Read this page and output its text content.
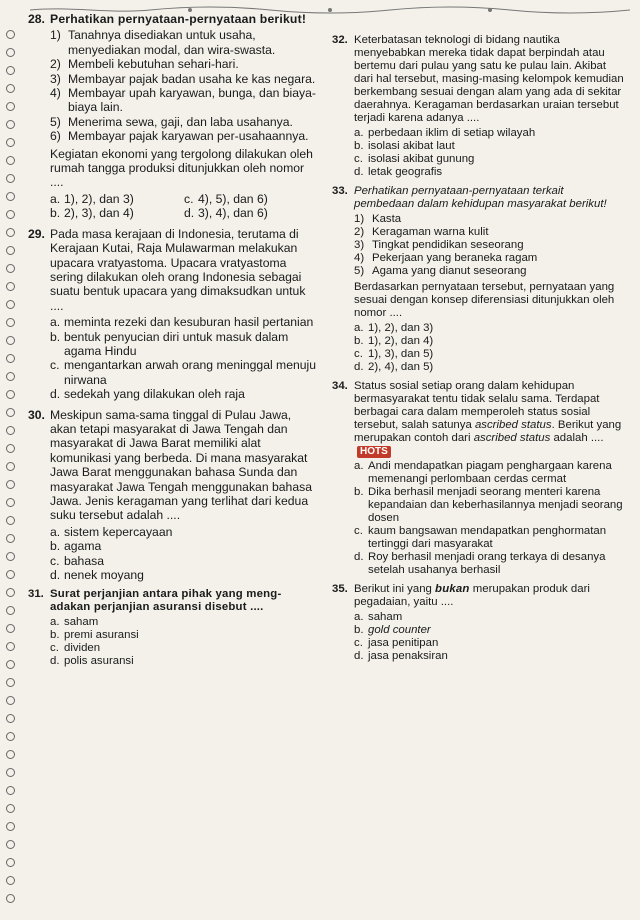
28. Perhatikan pernyataan-pernyataan berikut!
1) Tanahnya disediakan untuk usaha, menyediakan modal, dan wira-swasta.
2) Membeli kebutuhan sehari-hari.
3) Membayar pajak badan usaha ke kas negara.
4) Membayar upah karyawan, bunga, dan biaya-biaya lain.
5) Menerima sewa, gaji, dan laba usahanya.
6) Membayar pajak karyawan per-usahaannya.
Kegiatan ekonomi yang tergolong dilakukan oleh rumah tangga produksi ditunjukkan oleh nomor ....
a. 1), 2), dan 3)	c. 4), 5), dan 6)
b. 2), 3), dan 4)	d. 3), 4), dan 6)
29. Pada masa kerajaan di Indonesia, terutama di Kerajaan Kutai, Raja Mulawarman melakukan upacara vratyastoma. Upacara vratyastoma sering dilakukan oleh orang Indonesia sebagai suatu bentuk upacara yang dimaksudkan untuk ....
a. meminta rezeki dan kesuburan hasil pertanian
b. bentuk penyucian diri untuk masuk dalam agama Hindu
c. mengantarkan arwah orang meninggal menuju nirwana
d. sedekah yang dilakukan oleh raja
30. Meskipun sama-sama tinggal di Pulau Jawa, akan tetapi masyarakat di Jawa Tengah dan masyarakat di Jawa Barat memiliki alat komunikasi yang berbeda. Di mana masyarakat Jawa Barat menggunakan bahasa Sunda dan masyarakat Jawa Tengah menggunakan bahasa Jawa. Jenis keragaman yang terlihat dari kedua suku tersebut adalah ....
a. sistem kepercayaan
b. agama
c. bahasa
d. nenek moyang
31. Surat perjanjian antara pihak yang meng-adakan perjanjian asuransi disebut ....
a. saham
b. premi asuransi
c. dividen
d. polis asuransi
32. Keterbatasan teknologi di bidang nautika menyebabkan mereka tidak dapat berpindah atau bertemu dari pulau yang satu ke pulau lain. Akibat dari hal tersebut, masing-masing kelompok kemudian berkembang sesuai dengan alam yang ada di sekitar daerahnya. Keragaman berdasarkan uraian tersebut terjadi karena adanya ....
a. perbedaan iklim di setiap wilayah
b. isolasi akibat laut
c. isolasi akibat gunung
d. letak geografis
33. Perhatikan pernyataan-pernyataan terkait pembedaan dalam kehidupan masyarakat berikut!
1) Kasta
2) Keragaman warna kulit
3) Tingkat pendidikan seseorang
4) Pekerjaan yang beraneka ragam
5) Agama yang dianut seseorang
Berdasarkan pernyataan tersebut, pernyataan yang sesuai dengan konsep diferensiasi ditunjukkan oleh nomor ....
a. 1), 2), dan 3)
b. 1), 2), dan 4)
c. 1), 3), dan 5)
d. 2), 4), dan 5)
34. Status sosial setiap orang dalam kehidupan bermasyarakat tentu tidak selalu sama. Terdapat berbagai cara dalam memperoleh status sosial tersebut, salah satunya ascribed status. Berikut yang merupakan contoh dari ascribed status adalah ....HOTS
a. Andi mendapatkan piagam penghargaan karena memenangi perlombaan cerdas cermat
b. Dika berhasil menjadi seorang menteri karena kepandaian dan keberhasilannya menjadi seorang dosen
c. kaum bangsawan mendapatkan penghormatan tertinggi dari masyarakat
d. Roy berhasil menjadi orang terkaya di desanya setelah usahanya berhasil
35. Berikut ini yang bukan merupakan produk dari pegadaian, yaitu ....
a. saham
b. gold counter
c. jasa penitipan
d. jasa penaksiran
